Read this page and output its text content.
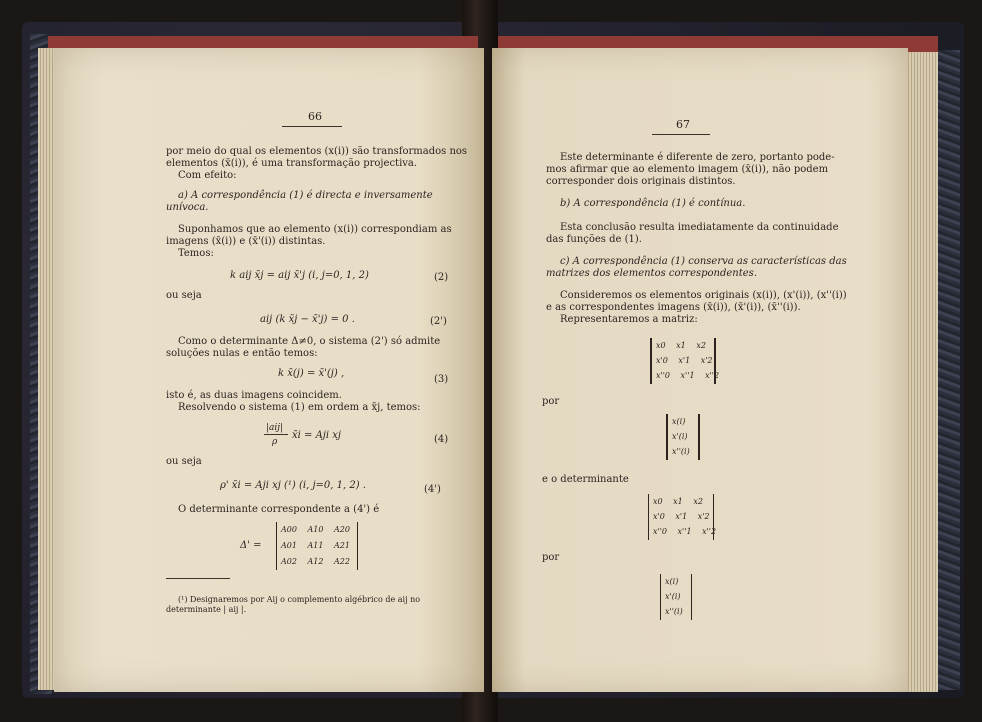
66
por meio do qual os elementos (x(i)) são transformados nos
elementos (x̄(i)), é uma transformação projectiva.
Com efeito:
a) A correspondência (1) é directa e inversamente
unívoca.
Suponhamos que ao elemento (x(i)) correspondiam as
imagens (x̄(i)) e (x̄'(i)) distintas.
Temos:
k aij x̄j = aij x̄'j (i, j=0, 1, 2)	(2)
ou seja
aij (k x̄j − x̄'j) = 0 .	(2')
Como o determinante Δ≠0, o sistema (2') só admite
soluções nulas e então temos:
k x̄(j) = x̄'(j) ,
(3)
isto é, as duas imagens coincidem.
Resolvendo o sistema (1) em ordem a x̄j, temos:
|aij|
ρ
x̄i = Aji xj	(4)
ou seja
ρ' x̄i = Aji xj (¹) (i, j=0, 1, 2) .	(4')
O determinante correspondente a (4') é
Δ' =
A00 A10 A20
A01 A11 A21
A02 A12 A22
(¹) Designaremos por Aij o complemento algébrico de aij no
determinante | aij |.
67
Este determinante é diferente de zero, portanto pode-
mos afirmar que ao elemento imagem (x̄(i)), não podem
corresponder dois originais distintos.
b) A correspondência (1) é contínua.
Esta conclusão resulta imediatamente da continuidade
das funções de (1).
c) A correspondência (1) conserva as características das
matrizes dos elementos correspondentes.
Consideremos os elementos originais (x(i)), (x'(i)), (x''(i))
e as correspondentes imagens (x̄(i)), (x̄'(i)), (x̄''(i)).
Representaremos a matriz:
x0 x1 x2
x'0 x'1 x'2
x''0 x''1 x''2
por
x(i)
x'(i)
x''(i)
e o determinante
x0 x1 x2
x'0 x'1 x'2
x''0 x''1 x''2
por
x(i)
x'(i)
x''(i)
